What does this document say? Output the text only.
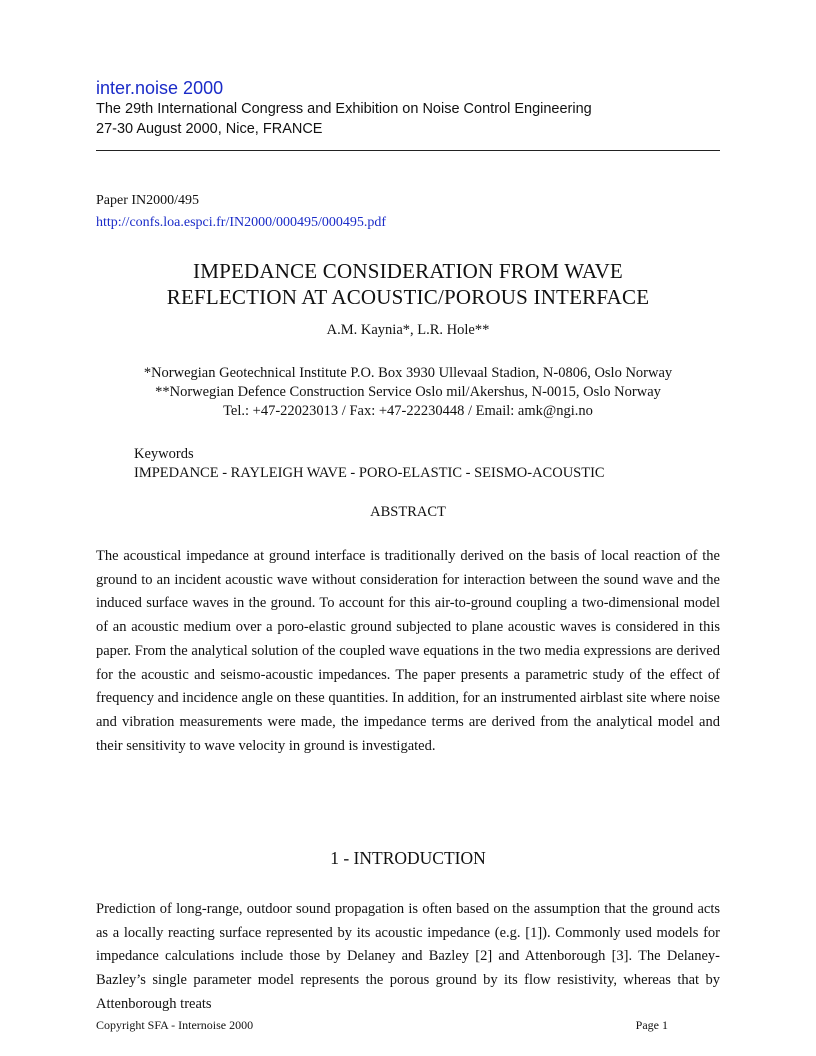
inter.noise 2000
The 29th International Congress and Exhibition on Noise Control Engineering
27-30 August 2000, Nice, FRANCE
Paper IN2000/495
http://confs.loa.espci.fr/IN2000/000495/000495.pdf
IMPEDANCE CONSIDERATION FROM WAVE
REFLECTION AT ACOUSTIC/POROUS INTERFACE
A.M. Kaynia*, L.R. Hole**
*Norwegian Geotechnical Institute P.O. Box 3930 Ullevaal Stadion, N-0806, Oslo Norway
**Norwegian Defence Construction Service Oslo mil/Akershus, N-0015, Oslo Norway
Tel.: +47-22023013 / Fax: +47-22230448 / Email: amk@ngi.no
Keywords
IMPEDANCE - RAYLEIGH WAVE - PORO-ELASTIC - SEISMO-ACOUSTIC
ABSTRACT

The acoustical impedance at ground interface is traditionally derived on the basis of local reaction of the ground to an incident acoustic wave without consideration for interaction between the sound wave and the induced surface waves in the ground. To account for this air-to-ground coupling a two-dimensional model of an acoustic medium over a poro-elastic ground subjected to plane acoustic waves is considered in this paper. From the analytical solution of the coupled wave equations in the two media expressions are derived for the acoustic and seismo-acoustic impedances. The paper presents a parametric study of the effect of frequency and incidence angle on these quantities. In addition, for an instrumented airblast site where noise and vibration measurements were made, the impedance terms are derived from the analytical model and their sensitivity to wave velocity in ground is investigated.

1 - INTRODUCTION

Prediction of long-range, outdoor sound propagation is often based on the assumption that the ground acts as a locally reacting surface represented by its acoustic impedance (e.g. [1]). Commonly used models for impedance calculations include those by Delaney and Bazley [2] and Attenborough [3]. The Delaney-Bazley’s single parameter model represents the porous ground by its flow resistivity, whereas that by Attenborough treats

Copyright SFA - Internoise 2000	Page 1
